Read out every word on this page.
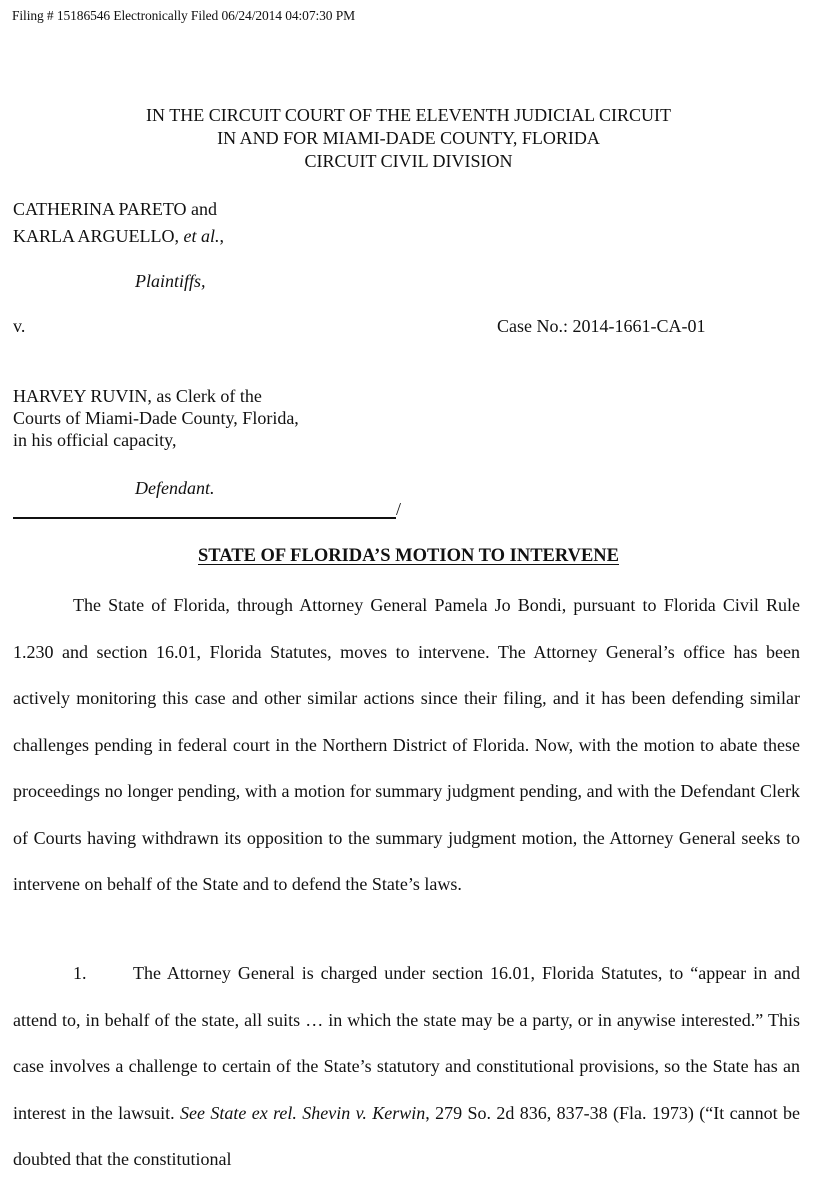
Filing # 15186546 Electronically Filed 06/24/2014 04:07:30 PM
IN THE CIRCUIT COURT OF THE ELEVENTH JUDICIAL CIRCUIT
IN AND FOR MIAMI-DADE COUNTY, FLORIDA
CIRCUIT CIVIL DIVISION
CATHERINA PARETO and
KARLA ARGUELLO, et al.,
Plaintiffs,
v.	Case No.: 2014-1661-CA-01
HARVEY RUVIN, as Clerk of the
Courts of Miami-Dade County, Florida,
in his official capacity,
Defendant.
/
STATE OF FLORIDA’S MOTION TO INTERVENE
The State of Florida, through Attorney General Pamela Jo Bondi, pursuant to Florida Civil Rule 1.230 and section 16.01, Florida Statutes, moves to intervene. The Attorney General’s office has been actively monitoring this case and other similar actions since their filing, and it has been defending similar challenges pending in federal court in the Northern District of Florida. Now, with the motion to abate these proceedings no longer pending, with a motion for summary judgment pending, and with the Defendant Clerk of Courts having withdrawn its opposition to the summary judgment motion, the Attorney General seeks to intervene on behalf of the State and to defend the State’s laws.
1.	The Attorney General is charged under section 16.01, Florida Statutes, to “appear in and attend to, in behalf of the state, all suits … in which the state may be a party, or in anywise interested.” This case involves a challenge to certain of the State’s statutory and constitutional provisions, so the State has an interest in the lawsuit. See State ex rel. Shevin v. Kerwin, 279 So. 2d 836, 837-38 (Fla. 1973) (“It cannot be doubted that the constitutional
